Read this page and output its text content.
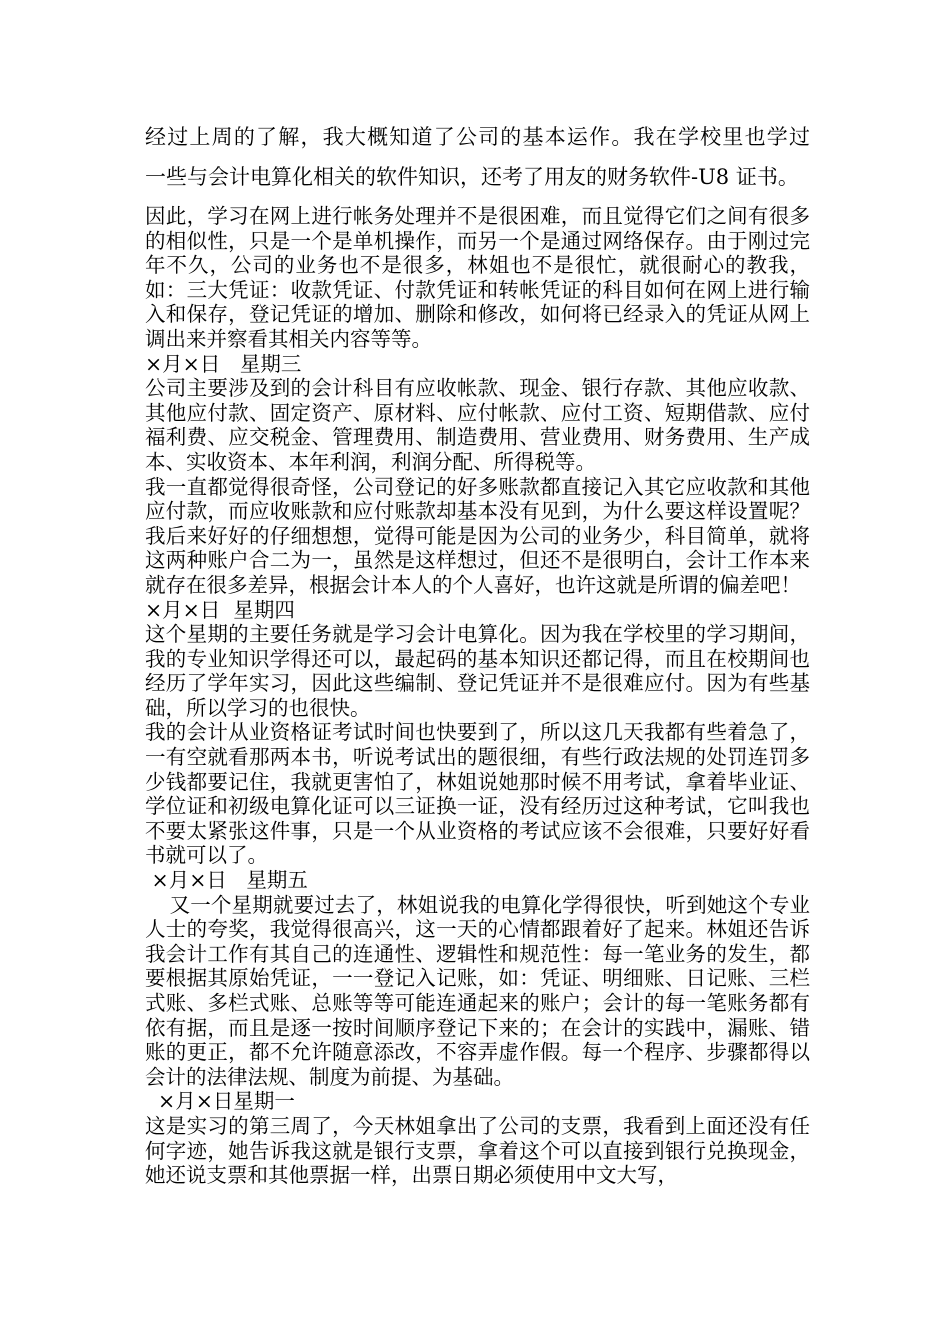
经过上周的了解，我大概知道了公司的基本运作。我在学校里也学过

一些与会计电算化相关的软件知识，还考了用友的财务软件-U8 证书。

因此，学习在网上进行帐务处理并不是很困难，而且觉得它们之间有很多的相似性，只是一个是单机操作，而另一个是通过网络保存。由于刚过完年不久，公司的业务也不是很多，林姐也不是很忙，就很耐心的教我，如：三大凭证：收款凭证、付款凭证和转帐凭证的科目如何在网上进行输入和保存，登记凭证的增加、删除和修改，如何将已经录入的凭证从网上调出来并察看其相关内容等等。

×月×日   星期三

公司主要涉及到的会计科目有应收帐款、现金、银行存款、其他应收款、其他应付款、固定资产、原材料、应付帐款、应付工资、短期借款、应付福利费、应交税金、管理费用、制造费用、营业费用、财务费用、生产成本、实收资本、本年利润，利润分配、所得税等。

我一直都觉得很奇怪，公司登记的好多账款都直接记入其它应收款和其他应付款，而应收账款和应付账款却基本没有见到，为什么要这样设置呢？我后来好好的仔细想想，觉得可能是因为公司的业务少，科目简单，就将这两种账户合二为一，虽然是这样想过，但还不是很明白，会计工作本来就存在很多差异，根据会计本人的个人喜好，也许这就是所谓的偏差吧！

×月×日  星期四

这个星期的主要任务就是学习会计电算化。因为我在学校里的学习期间，我的专业知识学得还可以，最起码的基本知识还都记得，而且在校期间也经历了学年实习，因此这些编制、登记凭证并不是很难应付。因为有些基础，所以学习的也很快。

我的会计从业资格证考试时间也快要到了，所以这几天我都有些着急了，一有空就看那两本书，听说考试出的题很细，有些行政法规的处罚连罚多少钱都要记住，我就更害怕了，林姐说她那时候不用考试，拿着毕业证、学位证和初级电算化证可以三证换一证，没有经历过这种考试，它叫我也不要太紧张这件事，只是一个从业资格的考试应该不会很难，只要好好看书就可以了。

×月×日   星期五

又一个星期就要过去了，林姐说我的电算化学得很快，听到她这个专业人士的夸奖，我觉得很高兴，这一天的心情都跟着好了起来。林姐还告诉我会计工作有其自己的连通性、逻辑性和规范性：每一笔业务的发生，都要根据其原始凭证，一一登记入记账，如：凭证、明细账、日记账、三栏式账、多栏式账、总账等等可能连通起来的账户；会计的每一笔账务都有依有据，而且是逐一按时间顺序登记下来的；在会计的实践中，漏账、错账的更正，都不允许随意添改，不容弄虚作假。每一个程序、步骤都得以会计的法律法规、制度为前提、为基础。

×月×日星期一

这是实习的第三周了，今天林姐拿出了公司的支票，我看到上面还没有任何字迹，她告诉我这就是银行支票，拿着这个可以直接到银行兑换现金，她还说支票和其他票据一样，出票日期必须使用中文大写，
